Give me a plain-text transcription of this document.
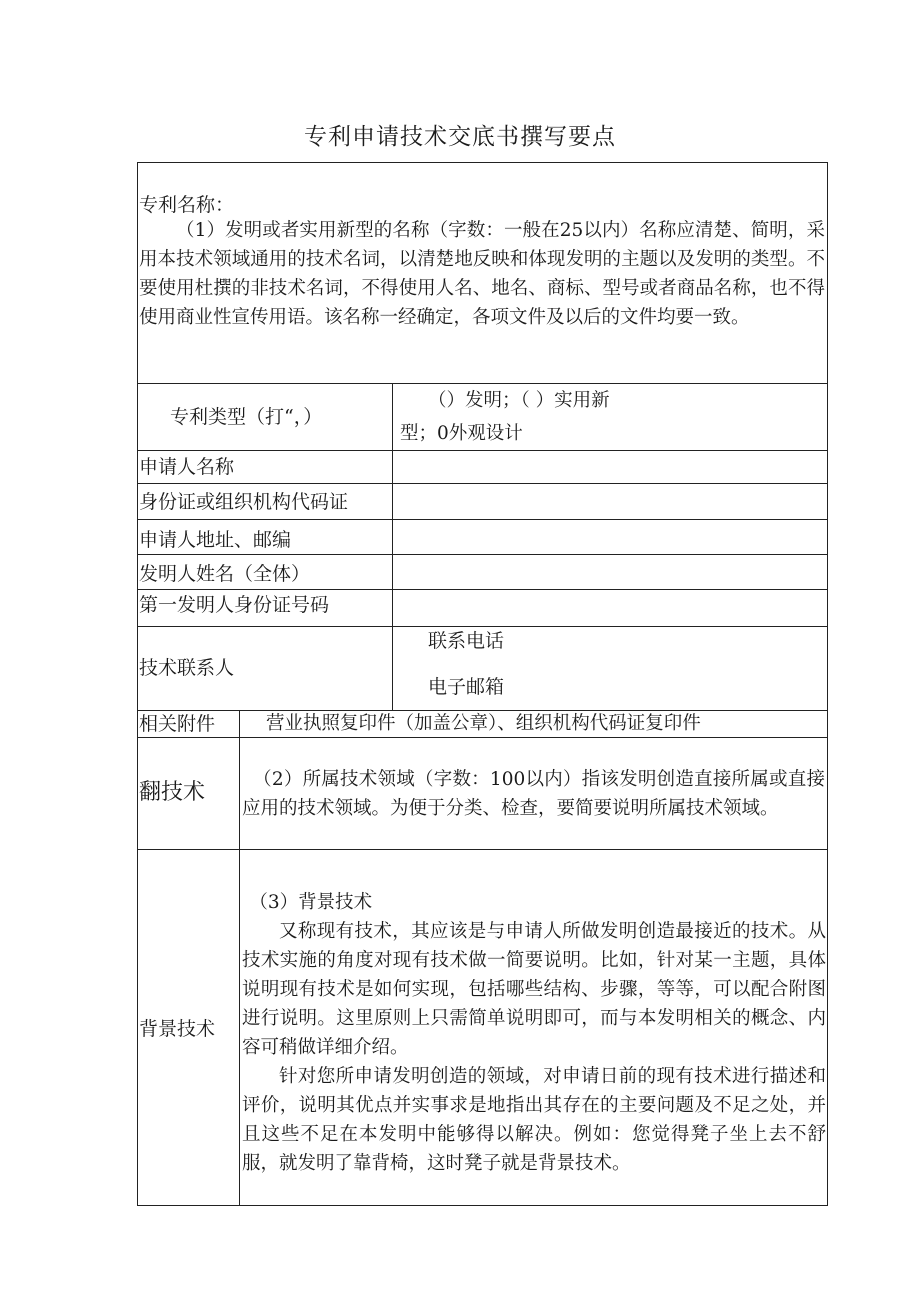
专利申请技术交底书撰写要点
专利名称：

（1）发明或者实用新型的名称（字数：一般在25以内）名称应清楚、简明，采用本技术领域通用的技术名词，以清楚地反映和体现发明的主题以及发明的类型。不要使用杜撰的非技术名词，不得使用人名、地名、商标、型号或者商品名称，也不得使用商业性宣传用语。该名称一经确定，各项文件及以后的文件均要一致。

专利类型（打“，）
（）发明；（ ）实用新
型；0外观设计
申请人名称
身份证或组织机构代码证
申请人地址、邮编
发明人姓名（全体）
第一发明人身份证号码
技术联系人
联系电话
电子邮箱
相关附件	营业执照复印件（加盖公章）、组织机构代码证复印件
翻技术

（2）所属技术领域（字数：100以内）指该发明创造直接所属或直接应用的技术领域。为便于分类、检查，要简要说明所属技术领域。

背景技术

（3）背景技术

又称现有技术，其应该是与申请人所做发明创造最接近的技术。从技术实施的角度对现有技术做一简要说明。比如，针对某一主题，具体说明现有技术是如何实现，包括哪些结构、步骤，等等，可以配合附图进行说明。这里原则上只需简单说明即可，而与本发明相关的概念、内容可稍做详细介绍。

针对您所申请发明创造的领域，对申请日前的现有技术进行描述和评价，说明其优点并实事求是地指出其存在的主要问题及不足之处，并且这些不足在本发明中能够得以解决。例如：您觉得凳子坐上去不舒服，就发明了靠背椅，这时凳子就是背景技术。
